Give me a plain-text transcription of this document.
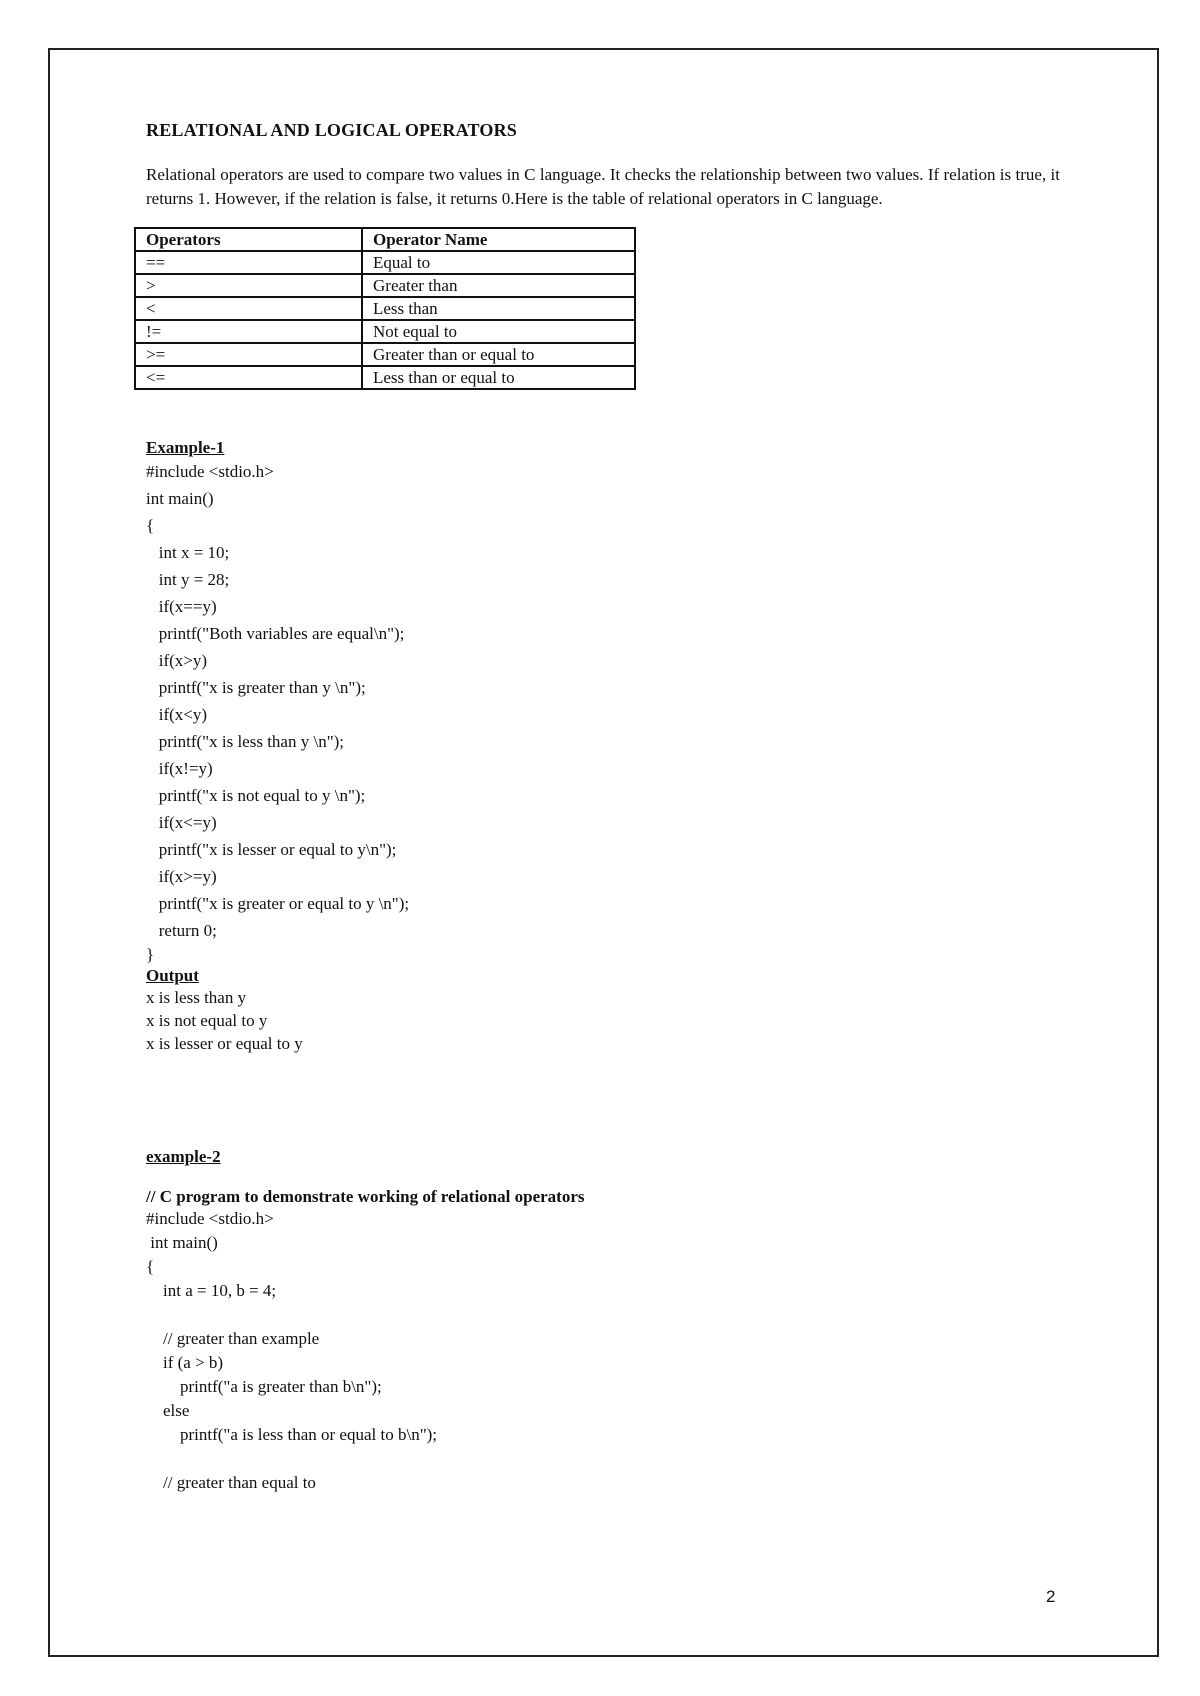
RELATIONAL AND LOGICAL OPERATORS

Relational operators are used to compare two values in C language. It checks the relationship between two values. If relation is true, it returns 1. However, if the relation is false, it returns 0.Here is the table of relational operators in C language.

Operators	Operator Name
==	Equal to
>	Greater than
<	Less than
!=	Not equal to
>=	Greater than or equal to
<=	Less than or equal to

Example-1

#include <stdio.h>
int main()
{
int x = 10;
int y = 28;
if(x==y)
printf("Both variables are equal\n");
if(x>y)
printf("x is greater than y \n");
if(x<y)
printf("x is less than y \n");
if(x!=y)
printf("x is not equal to y \n");
if(x<=y)
printf("x is lesser or equal to y\n");
if(x>=y)
printf("x is greater or equal to y \n");
return 0;
}

Output

x is less than y
x is not equal to y
x is lesser or equal to y

example-2

// C program to demonstrate working of relational operators

#include <stdio.h>
int main()
{
int a = 10, b = 4;
// greater than example
if (a > b)
printf("a is greater than b\n");
else
printf("a is less than or equal to b\n");
// greater than equal to
2
